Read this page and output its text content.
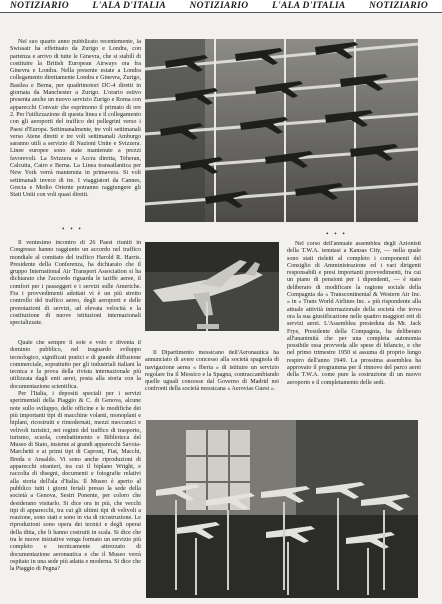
NOTIZIARIO L'ALA D'ITALIA NOTIZIARIO L'ALA D'ITALIA NOTIZIARIO

Nel suo quarto anno pubblicato recentemente, la Swissair ha effettuato da Zurigo e Londra, con partenza e arrivo di tutte le Ginevra, che si stabilì di costituire la British European Airways ora fra Ginevra e Londra. Nella presente estate a Londra collegamento direttamente Londra e Ginevra, Zurigo, Basilea e Berna, per quadrimotori DC-4 diretti in giornata da Manchester a Zurigo. L'orario estivo presenta anche un nuovo servizio Zurigo e Roma con apparecchi Convair che esprimono il primato di ore 2. Per l'utilizzazione di questa linea e il collegamento con gli aeroporti del traffico dei pellegrini verso i Paesi d'Europa. Settimanalmente, tre voli settimanali verso Atene diretti e tre voli settimanali Amburgo saranno utili a servizio di Nazioni Unite e Svizzera. Linee europee sono state mantenute a prezzi favorevoli. La Svizzera e Accra diretta, Teheran, Calcutta, Cairo e Berna. La Linea transatlantica per New York verrà mantenuta in primavera. Si voli settimanali invece di tre. I viaggiatori da Cannes, Grecia e Medio Oriente potranno raggiungere gli Stati Uniti con voli quasi diretti.

• • •

Il ventesimo incontro di 26 Paesi riuniti in Congresso hanno raggiunto un accordo nel traffico mondiale al comitato del traffico Harold R. Harris. Presidente della Conferenza, ha dichiarato che il gruppo International Air Transport Association si ha dichiarato che l'accordo riguarda le tariffe aeree, il comfort per i passeggeri e i servizi sulle Americhe. Fra i provvedimenti adottati vi è un più stretto controllo del traffico aereo, degli aeroporti e delle prenotazioni di servizi, ad elevata velocità e la costituzione di nuove istituzioni internazionali specializzate.

Quale che sempre il sole e volo e diventa il dominio pubblico, nel traguardo sviluppo tecnologico, significati pratici e di grande diffusione commerciale, soprattutto per gli industriali italiani la tecnica e la prova della rivista internazionale più utilizzata dagli enti aerei, posta alla storia con la documentazione scientifica.

Per l'Italia, i depositi speciali per i servizi sperimentali della Piaggio & C. di Genova, alcune note sullo sviluppo, delle officine e le modifiche dei più importanti tipi di macchine volanti, monoplani e biplani, ricostruiti e rimodernati, mezzi meccanici e velivoli turistici, nei regimi del traffico di trasporto, turismo, scuola, combattimento e Biblioteca del Museo di Stato, insieme ai grandi apparecchi Savoia-Marchetti e ai primi tipi di Caproni, Fiat, Macchi, Breda e Ansaldo. Vi sono anche riproduzioni di apparecchi stranieri, tra cui il biplano Wright, e raccolta di disegni, documenti e fotografie relativi alla storia dell'ala d'Italia. Il Museo è aperto al pubblico tutti i giorni feriali presso la sede della società a Genova, Sestri Ponente, per coloro che desiderano visitarlo. Si dice ora in più, che vecchi tipi di apparecchi, tra cui gli ultimi tipi di velivoli a reazione, sono stati e sono in via di ricostruzione. Le riproduzioni sono opera dei tecnici e degli operai della ditta, che li hanno costruiti in scala. Si dice che tra le nuove iniziative venga formato un servizio più completo e tecnicamente attrezzato di documentazione aeronautica e che il Museo verrà ospitato in una sede più adatta e moderna. Si dice che la Piaggio di Pegna?

Il Dipartimento messicano dell'Aeronautica ha annunciato di avere concesso alla società spagnola di navigazione aerea « Iberia » di istituire un servizio regolare fra il Messico e la Spagna, contraccambiando quelle uguali concesse dal Governo di Madrid nei confronti della società messicana « Aerovias Guest ».

• • •

Nel corso dell'annuale assemblea degli Azionisti della T.W.A. tenutasi a Kansas City, — nella quale sono stati rieletti al completo i componenti del Consiglio di Amministrazione ed i vari dirigenti responsabili e presi importanti provvedimenti, fra cui un piano di pensioni per i dipendenti, — è stato deliberato di modificare la ragione sociale della Compagnia da « Transcontinental & Western Air Inc. » in « Trans World Airlines Inc. » più rispondente alla attuale attività internazionale della società che trova ora la sua giustificazione nelle quattro maggiori reti di servizi aerei. L'Assemblea presieduta da Mr. Jack Frye, Presidente della Compagnia, ha deliberato all'unanimità che per una completa autonomia possibile essa provveda alle spese di bilancio, e che nel primo trimestre 1950 si assuma di proprio lungo respiro dell'anno 1949. La prossima assemblea ha approvato il programma per il rinnovo del parco aerei della T.W.A. come pure la costruzione di un nuovo aeroporto e il completamento delle sedi.
